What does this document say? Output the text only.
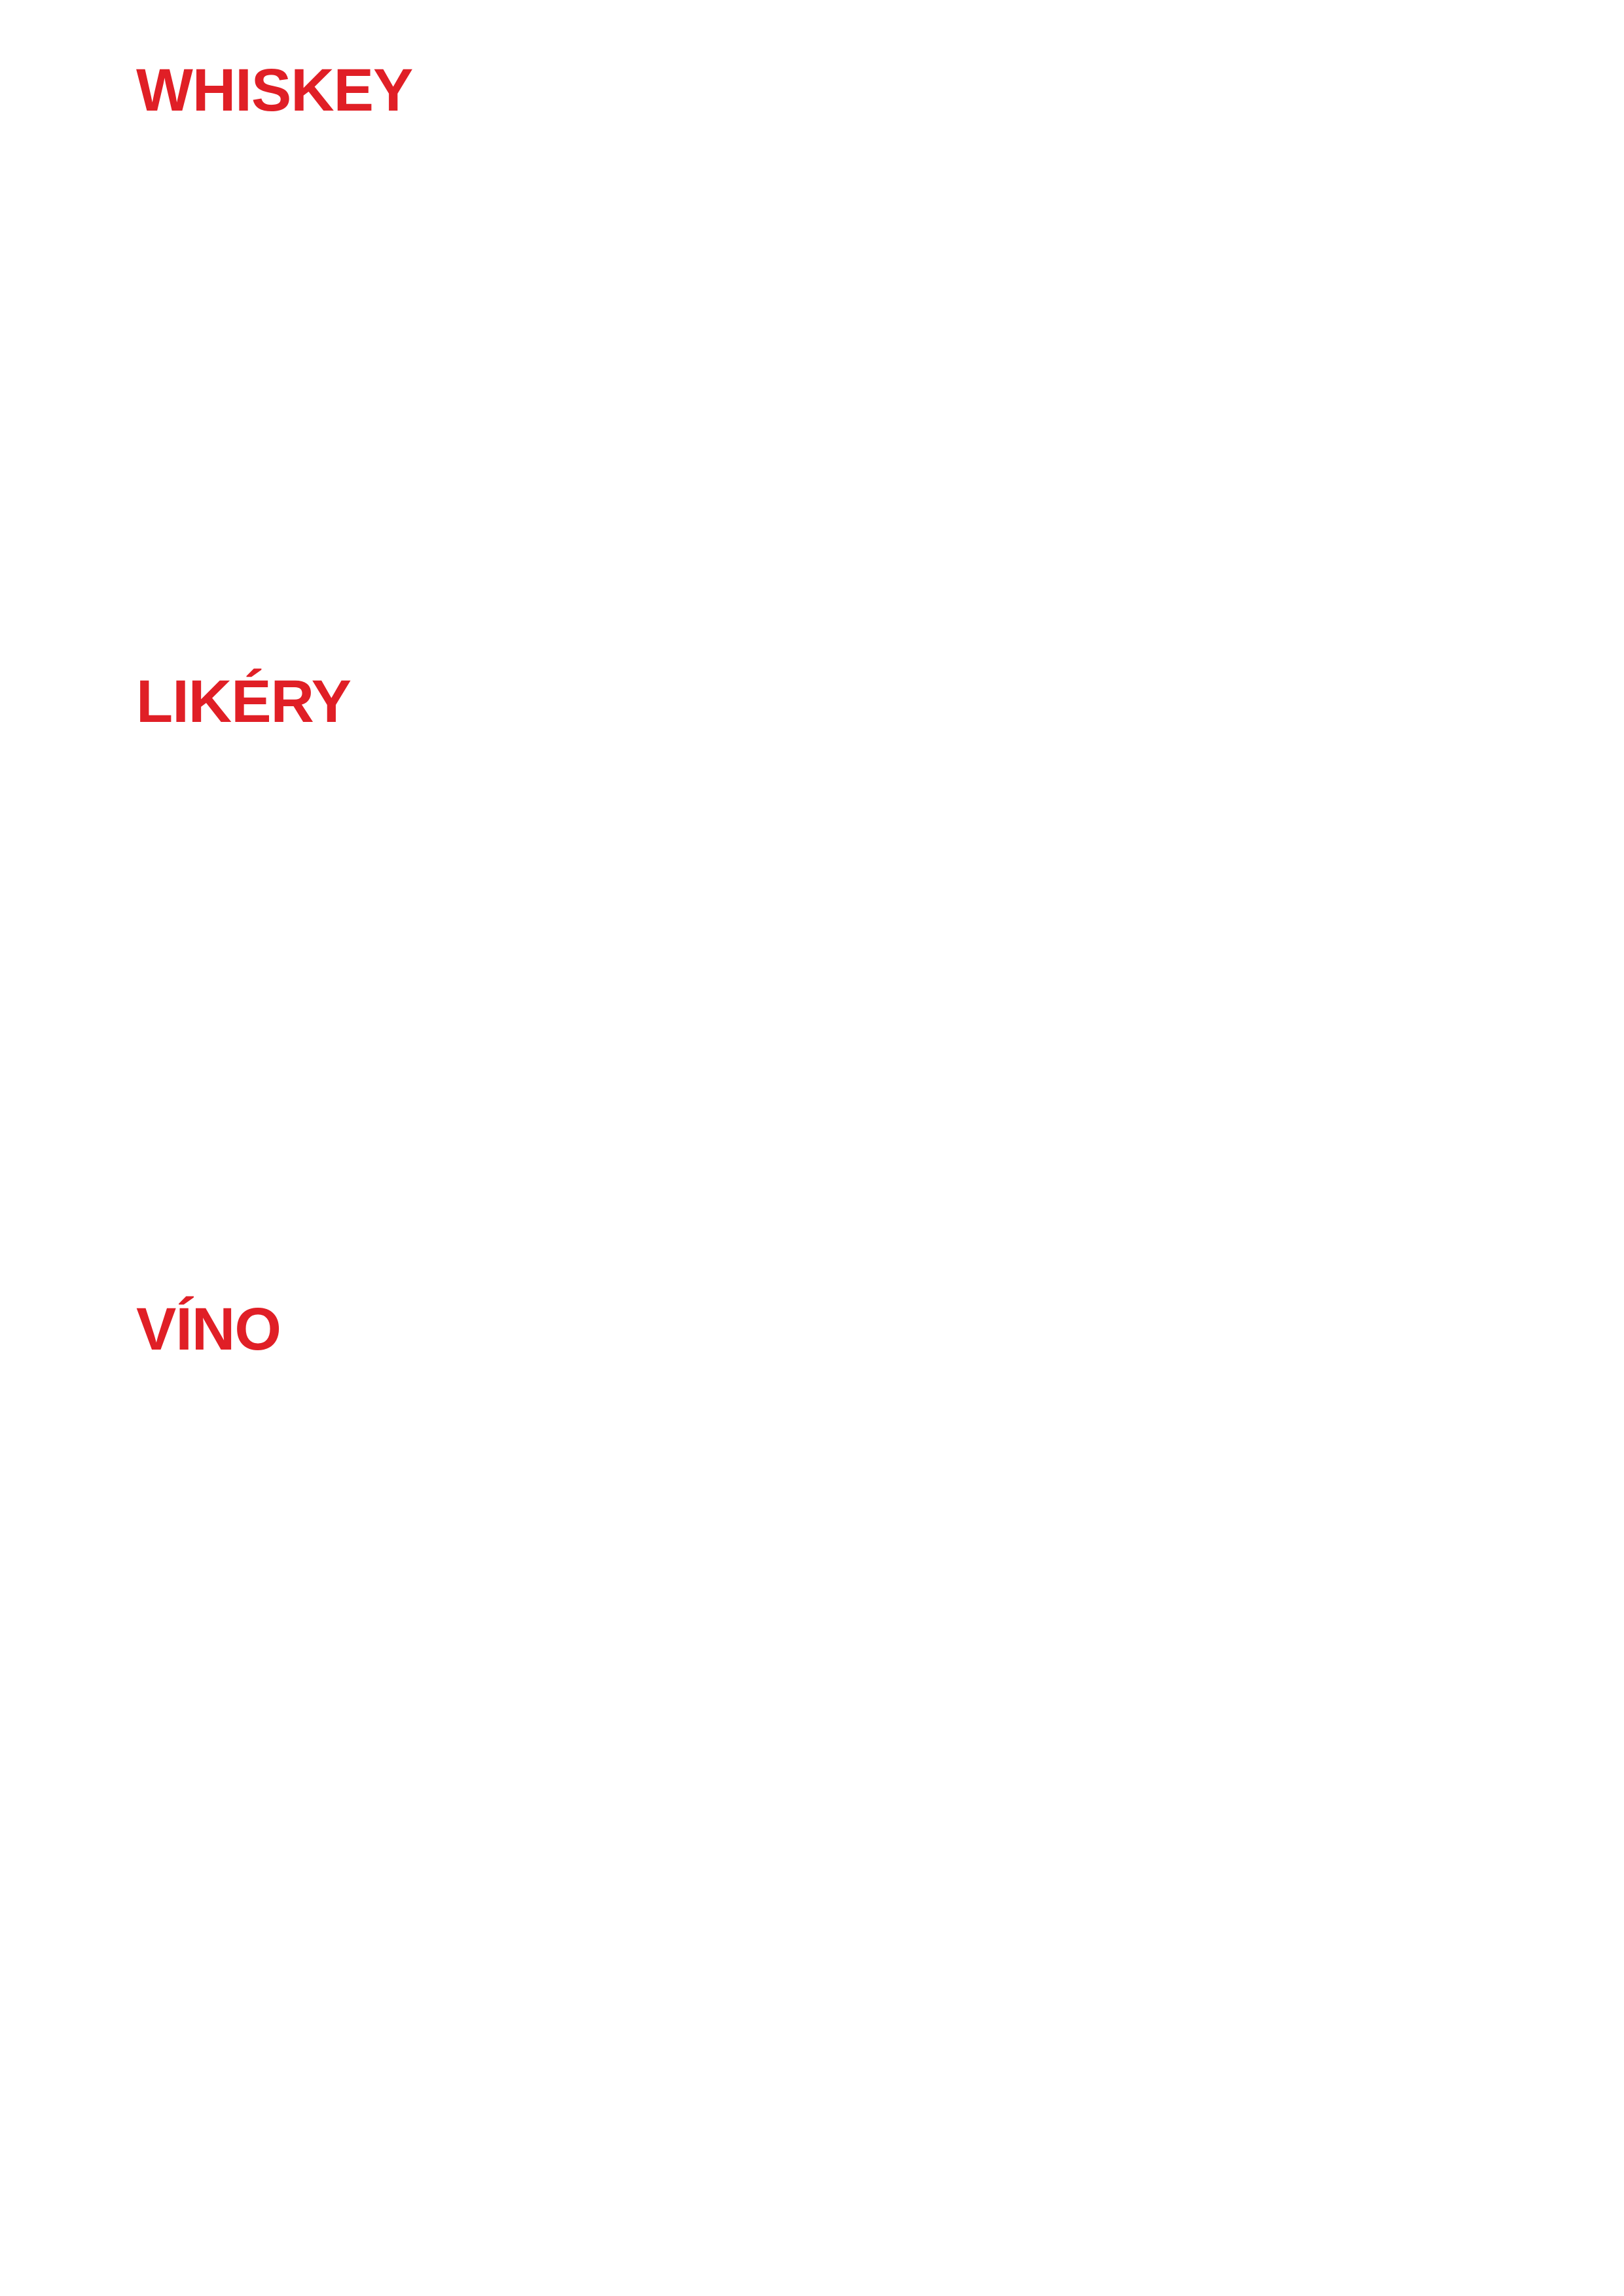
WHISKEY
LIKÉRY
VÍNO
